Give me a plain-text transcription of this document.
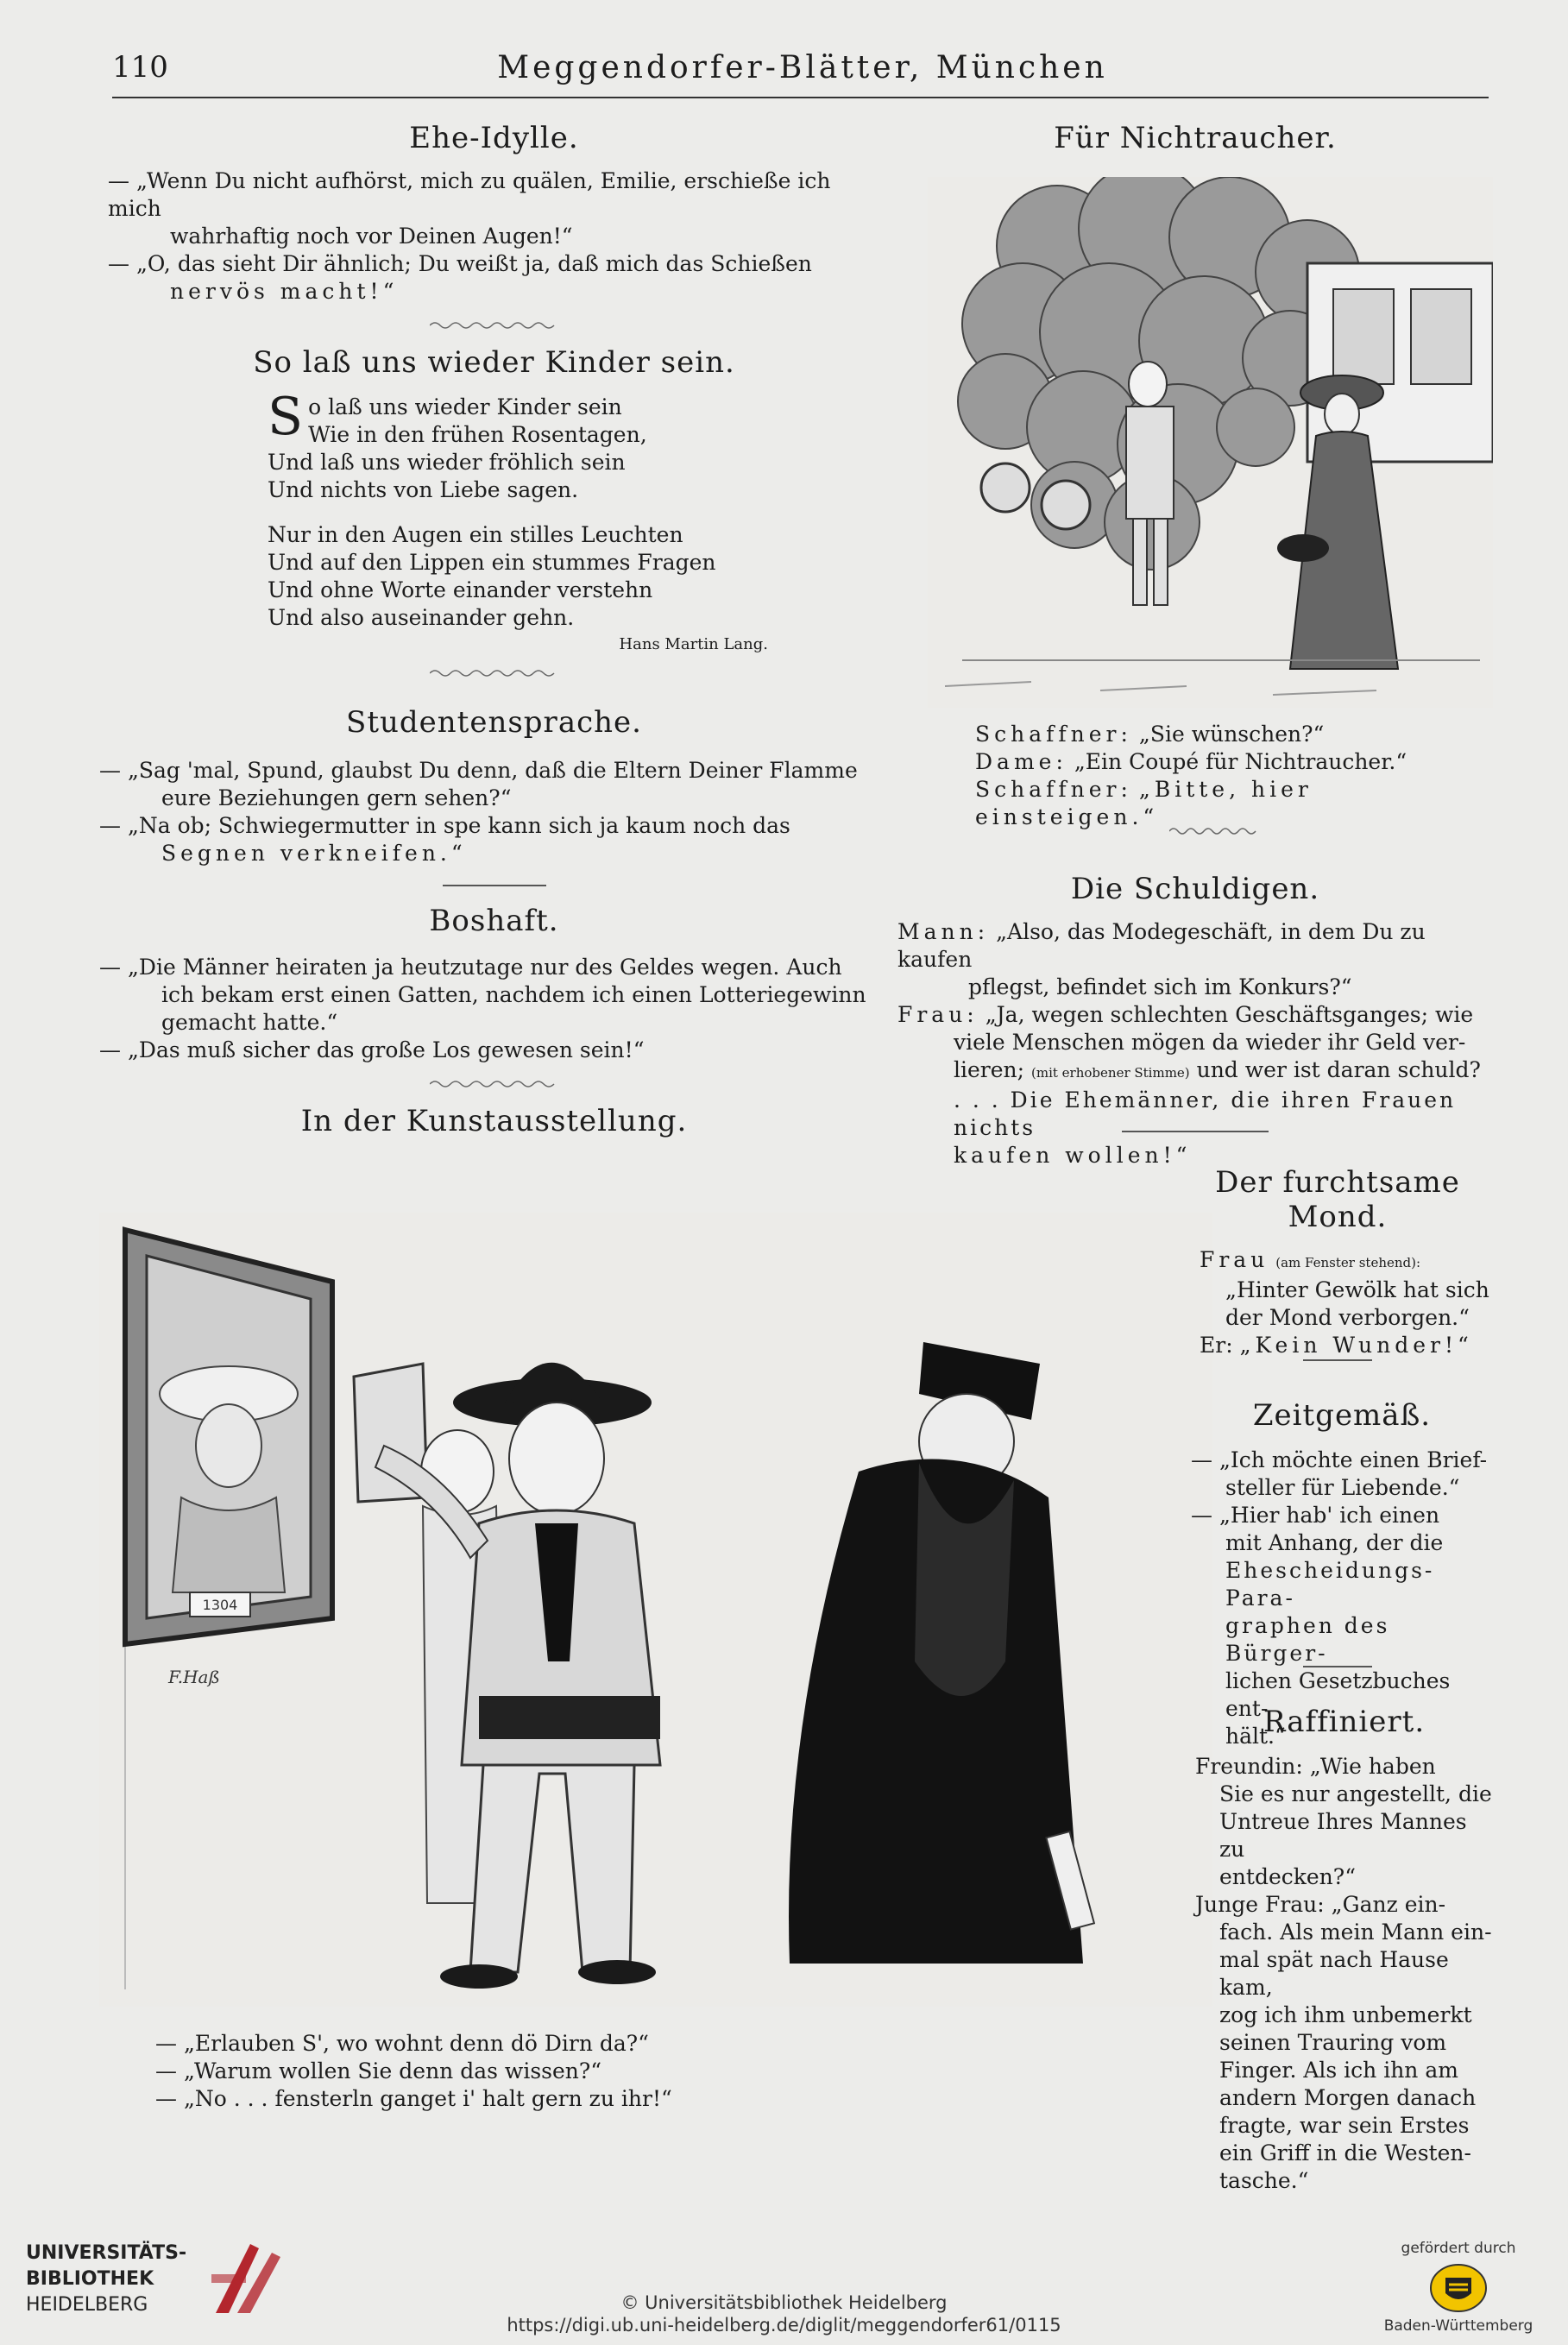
110	Meggendorfer-Blätter, München
Ehe-Idylle.

— „Wenn Du nicht aufhörst, mich zu quälen, Emilie, erschieße ich mich

wahrhaftig noch vor Deinen Augen!“

— „O, das sieht Dir ähnlich; Du weißt ja, daß mich das Schießen

nervös macht!“

So laß uns wieder Kinder sein.
S o laß uns wieder Kinder sein

Wie in den frühen Rosentagen,

Und laß uns wieder fröhlich sein

Und nichts von Liebe sagen.

Nur in den Augen ein stilles Leuchten

Und auf den Lippen ein stummes Fragen

Und ohne Worte einander verstehn

Und also auseinander gehn.

Hans Martin Lang.
Studentensprache.

— „Sag 'mal, Spund, glaubst Du denn, daß die Eltern Deiner Flamme

eure Beziehungen gern sehen?“

— „Na ob; Schwiegermutter in spe kann sich ja kaum noch das

Segnen verkneifen.“

Boshaft.

— „Die Männer heiraten ja heutzutage nur des Geldes wegen. Auch

ich bekam erst einen Gatten, nachdem ich einen Lotteriegewinn

gemacht hatte.“

— „Das muß sicher das große Los gewesen sein!“

In der Kunstausstellung.
1304
F.Haß

— „Erlauben S', wo wohnt denn dö Dirn da?“

— „Warum wollen Sie denn das wissen?“

— „No . . . fensterln ganget i' halt gern zu ihr!“

Für Nichtraucher.

Schaffner: „Sie wünschen?“

Dame: „Ein Coupé für Nichtraucher.“

Schaffner: „Bitte, hier einsteigen.“

Die Schuldigen.

Mann: „Also, das Modegeschäft, in dem Du zu kaufen

pflegst, befindet sich im Konkurs?“

Frau: „Ja, wegen schlechten Geschäftsganges; wie

viele Menschen mögen da wieder ihr Geld ver-

lieren; (mit erhobener Stimme) und wer ist daran schuld?

. . . Die Ehemänner, die ihren Frauen nichts

kaufen wollen!“

Der furchtsame Mond.

Frau (am Fenster stehend):

„Hinter Gewölk hat sich

der Mond verborgen.“

Er: „Kein Wunder!“

Zeitgemäß.

— „Ich möchte einen Brief-

steller für Liebende.“

— „Hier hab' ich einen

mit Anhang, der die

Ehescheidungs-Para-

graphen des Bürger-

lichen Gesetzbuches ent-

hält.“

Raffiniert.

Freundin: „Wie haben

Sie es nur angestellt, die

Untreue Ihres Mannes zu

entdecken?“

Junge Frau: „Ganz ein-

fach. Als mein Mann ein-

mal spät nach Hause kam,

zog ich ihm unbemerkt

seinen Trauring vom

Finger. Als ich ihn am

andern Morgen danach

fragte, war sein Erstes

ein Griff in die Westen-

tasche.“

UNIVERSITÄTS-
BIBLIOTHEK
HEIDELBERG	© Universitätsbibliothek Heidelberg
https://digi.ub.uni-heidelberg.de/diglit/meggendorfer61/0115
gefördert durch
Baden-Württemberg
